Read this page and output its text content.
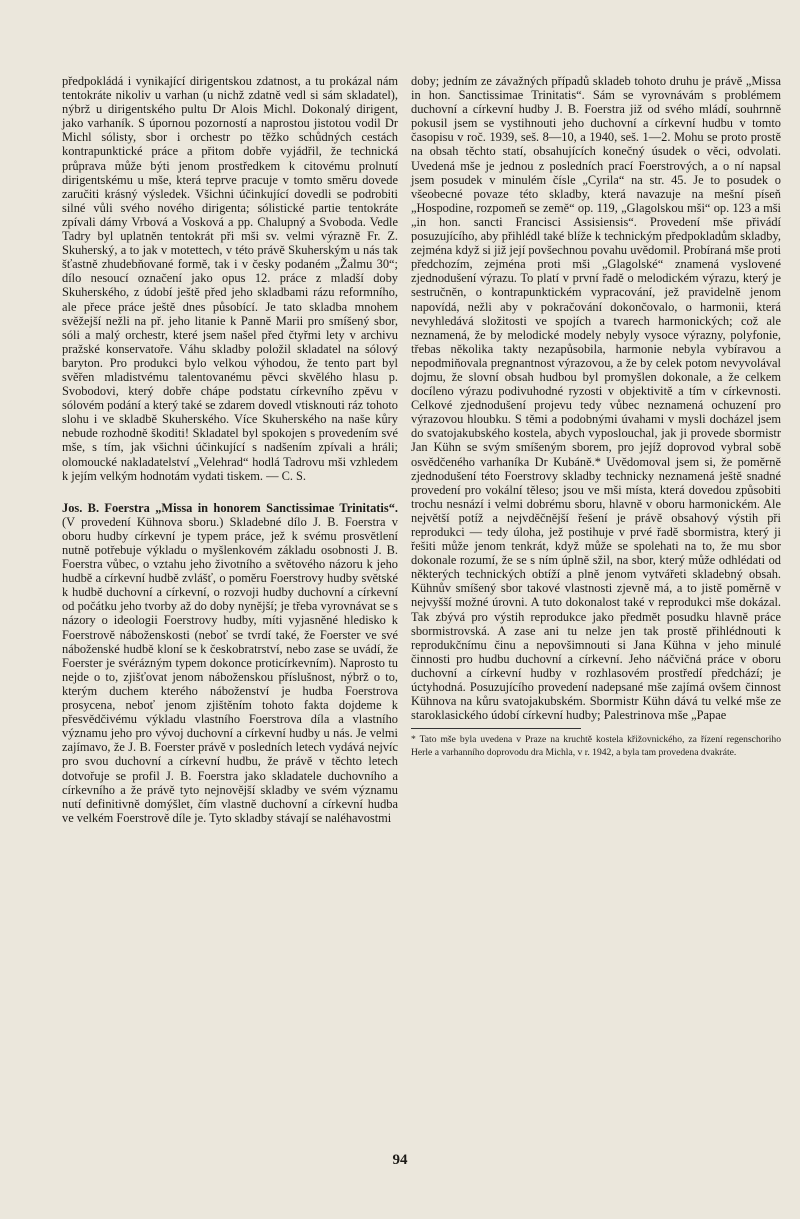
předpokládá i vynikající dirigentskou zdatnost, a tu prokázal nám tentokráte nikoliv u varhan (u nichž zdatně vedl si sám skladatel), nýbrž u dirigentského pultu Dr Alois Michl. Dokonalý dirigent, jako varhaník. S úpornou pozorností a naprostou jistotou vodil Dr Michl sólisty, sbor i orchestr po těžko schůdných cestách kontrapunktické práce a přitom dobře vyjádřil, že technická průprava může býti jenom prostředkem k citovému prolnutí dirigentskému u mše, která teprve pracuje v tomto směru dovede zaručiti krásný výsledek. Všichni účinkující dovedli se podrobiti silné vůli svého nového dirigenta; sólistické partie tentokráte zpívali dámy Vrbová a Vosková a pp. Chalupný a Svoboda. Vedle Tadry byl uplatněn tentokrát při mši sv. velmi výrazně Fr. Z. Skuherský, a to jak v motettech, v této právě Skuherským u nás tak šťastně zhudebňované formě, tak i v česky podaném „Žalmu 30“; dílo nesoucí označení jako opus 12. práce z mladší doby Skuherského, z údobí ještě před jeho skladbami rázu reformního, ale přece práce ještě dnes působící. Je tato skladba mnohem svěžejší nežli na př. jeho litanie k Panně Marii pro smíšený sbor, sóli a malý orchestr, které jsem našel před čtyřmi lety v archivu pražské konservatoře. Váhu skladby položil skladatel na sólový baryton. Pro produkci bylo velkou výhodou, že tento part byl svěřen mladistvému talentovanému pěvci skvělého hlasu p. Svobodovi, který dobře chápe podstatu církevního zpěvu v sólovém podání a který také se zdarem dovedl vtisknouti ráz tohoto slohu i ve skladbě Skuherského. Více Skuherského na naše kůry nebude rozhodně škoditi! Skladatel byl spokojen s provedením své mše, s tím, jak všichni účinkující s nadšením zpívali a hráli; olomoucké nakladatelství „Velehrad“ hodlá Tadrovu mši vzhledem k jejím velkým hodnotám vydati tiskem. — C. S.

Jos. B. Foerstra „Missa in honorem Sanctissimae Trinitatis“. (V provedení Kühnova sboru.) Skladebné dílo J. B. Foerstra v oboru hudby církevní je typem práce, jež k svému prosvětlení nutně potřebuje výkladu o myšlenkovém základu osobnosti J. B. Foerstra vůbec, o vztahu jeho životního a světového názoru k jeho hudbě a církevní hudbě zvlášť, o poměru Foerstrovy hudby světské k hudbě duchovní a církevní, o rozvoji hudby duchovní a církevní od počátku jeho tvorby až do doby nynější; je třeba vyrovnávat se s názory o ideologii Foerstrovy hudby, míti vyjasněné hledisko k Foerstrově náboženskosti (neboť se tvrdí také, že Foerster ve své náboženské hudbě kloní se k českobratrství, nebo zase se uvádí, že Foerster je svérázným typem dokonce proticírkevním). Naprosto tu nejde o to, zjišťovat jenom náboženskou příslušnost, nýbrž o to, kterým duchem kterého náboženství je hudba Foerstrova prosycena, neboť jenom zjištěním tohoto fakta dojdeme k přesvědčivému výkladu vlastního Foerstrova díla a vlastního významu jeho pro vývoj duchovní a církevní hudby u nás. Je velmi zajímavo, že J. B. Foerster právě v posledních letech vydává nejvíc pro svou duchovní a církevní hudbu, že právě v těchto letech dotvořuje se profil J. B. Foerstra jako skladatele duchovního a církevního a že právě tyto nejnovější skladby ve svém významu nutí definitivně domýšlet, čím vlastně duchovní a církevní hudba ve velkém Foerstrově díle je. Tyto skladby stávají se naléhavostmi

doby; jedním ze závažných případů skladeb tohoto druhu je právě „Missa in hon. Sanctissimae Trinitatis“. Sám se vyrovnávám s problémem duchovní a církevní hudby J. B. Foerstra již od svého mládí, souhrnně pokusil jsem se vystihnouti jeho duchovní a církevní hudbu v tomto časopisu v roč. 1939, seš. 8—10, a 1940, seš. 1—2. Mohu se proto prostě na obsah těchto statí, obsahujících konečný úsudek o věci, odvolati. Uvedená mše je jednou z posledních prací Foerstrových, a o ní napsal jsem posudek v minulém čísle „Cyrila“ na str. 45. Je to posudek o všeobecné povaze této skladby, která navazuje na mešní píseň „Hospodine, rozpomeň se země“ op. 119, „Glagolskou mši“ op. 123 a mši „in hon. sancti Francisci Assisiensis“. Provedení mše přivádí posuzujícího, aby přihlédl také blíže k technickým předpokladům skladby, zejména když si již její povšechnou povahu uvědomil. Probíraná mše proti předchozím, zejména proti mši „Glagolské“ znamená vyslovené zjednodušení výrazu. To platí v první řadě o melodickém výrazu, který je sestručněn, o kontrapunktickém vypracování, jež pravidelně jenom napovídá, nežli aby v pokračování dokončovalo, o harmonii, která nevyhledává složitosti ve spojích a tvarech harmonických; což ale neznamená, že by melodické modely nebyly vysoce výrazny, polyfonie, třebas několika takty nezapůsobila, harmonie nebyla vybíravou a nepodmiňovala pregnantnost výrazovou, a že by celek potom nevyvolával dojmu, že slovní obsah hudbou byl promyšlen dokonale, a že celkem docíleno výrazu podivuhodné ryzosti v objektivitě a tím v církevnosti. Celkové zjednodušení projevu tedy vůbec neznamená ochuzení pro výrazovou hloubku. S těmi a podobnými úvahami v mysli docházel jsem do svatojakubského kostela, abych vyposlouchal, jak ji provede sbormistr Jan Kühn se svým smíšeným sborem, pro jejíž doprovod vybral sobě osvědčeného varhaníka Dr Kubáně.* Uvědomoval jsem si, že poměrně zjednodušení této Foerstrovy skladby technicky neznamená ještě snadné provedení pro vokální těleso; jsou ve mši místa, která dovedou způsobiti trochu nesnází i velmi dobrému sboru, hlavně v oboru harmonickém. Ale největší potíž a nejvděčnější řešení je právě obsahový výstih při reprodukci — tedy úloha, jež postihuje v prvé řadě sbormistra, který ji řešiti může jenom tenkrát, když může se spolehati na to, že mu sbor dokonale rozumí, že se s ním úplně sžil, na sbor, který může odhlédati od některých technických obtíží a plně jenom vytvářeti skladebný obsah. Kühnův smíšený sbor takové vlastnosti zjevně má, a to jistě poměrně v nejvyšší možné úrovni. A tuto dokonalost také v reprodukci mše dokázal. Tak zbývá pro výstih reprodukce jako předmět posudku hlavně práce sbormistrovská. A zase ani tu nelze jen tak prostě přihlédnouti k reprodukčnímu činu a nepovšimnouti si Jana Kühna v jeho minulé činnosti pro hudbu duchovní a církevní. Jeho náčvičná práce v oboru duchovní a církevní hudby v rozhlasovém prostředí předchází; je úctyhodná. Posuzujícího provedení nadepsané mše zajímá ovšem činnost Kühnova na kůru svatojakubském. Sbormistr Kühn dává tu velké mše ze staroklasického údobí církevní hudby; Palestrinova mše „Papae

* Tato mše byla uvedena v Praze na kruchtě kostela křižovnického, za řízení regenschoriho Herle a varhanního doprovodu dra Michla, v r. 1942, a byla tam provedena dvakráte.

94
